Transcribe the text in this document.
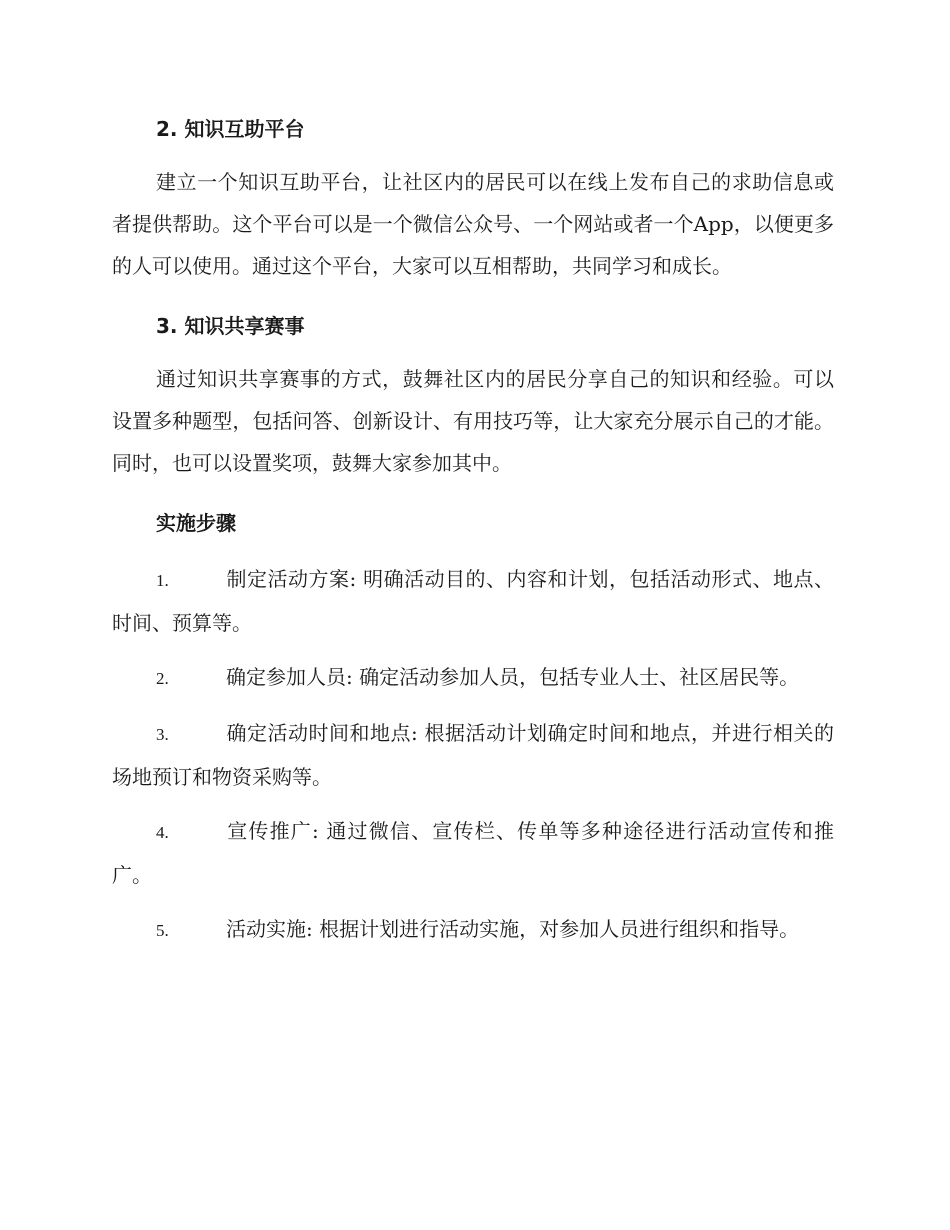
2. 知识互助平台

建立一个知识互助平台，让社区内的居民可以在线上发布自己的求助信息或者提供帮助。这个平台可以是一个微信公众号、一个网站或者一个App，以便更多的人可以使用。通过这个平台，大家可以互相帮助，共同学习和成长。

3. 知识共享赛事

通过知识共享赛事的方式，鼓舞社区内的居民分享自己的知识和经验。可以设置多种题型，包括问答、创新设计、有用技巧等，让大家充分展示自己的才能。同时，也可以设置奖项，鼓舞大家参加其中。

实施步骤

1.	制定活动方案: 明确活动目的、内容和计划，包括活动形式、地点、时间、预算等。

2.	确定参加人员: 确定活动参加人员，包括专业人士、社区居民等。

3.	确定活动时间和地点: 根据活动计划确定时间和地点，并进行相关的场地预订和物资采购等。

4.	宣传推广: 通过微信、宣传栏、传单等多种途径进行活动宣传和推广。

5.	活动实施: 根据计划进行活动实施，对参加人员进行组织和指导。
